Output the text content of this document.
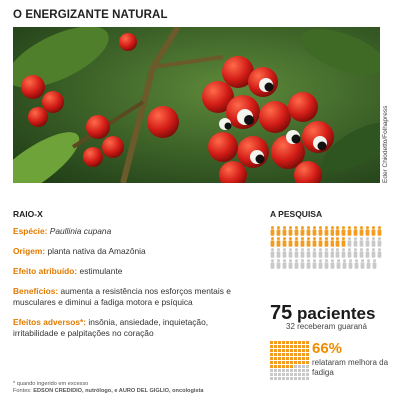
O ENERGIZANTE NATURAL
Eder Chiodetto/Folhapress
RAIO-X
Espécie: Paullinia cupana
Origem: planta nativa da Amazônia
Efeito atribuído: estimulante
Benefícios: aumenta a resistência nos esforços mentais e musculares e diminui a fadiga motora e psíquica
Efeitos adversos*: insônia, ansiedade, inquietação, irritabilidade e palpitações no coração
* quando ingerido em excesso
Fontes: EDSON CREDIDIO, nutrólogo, e AURO DEL GIGLIO, oncologista
A PESQUISA
75 pacientes
32 receberam guaraná
66%
relataram melhora da fadiga
